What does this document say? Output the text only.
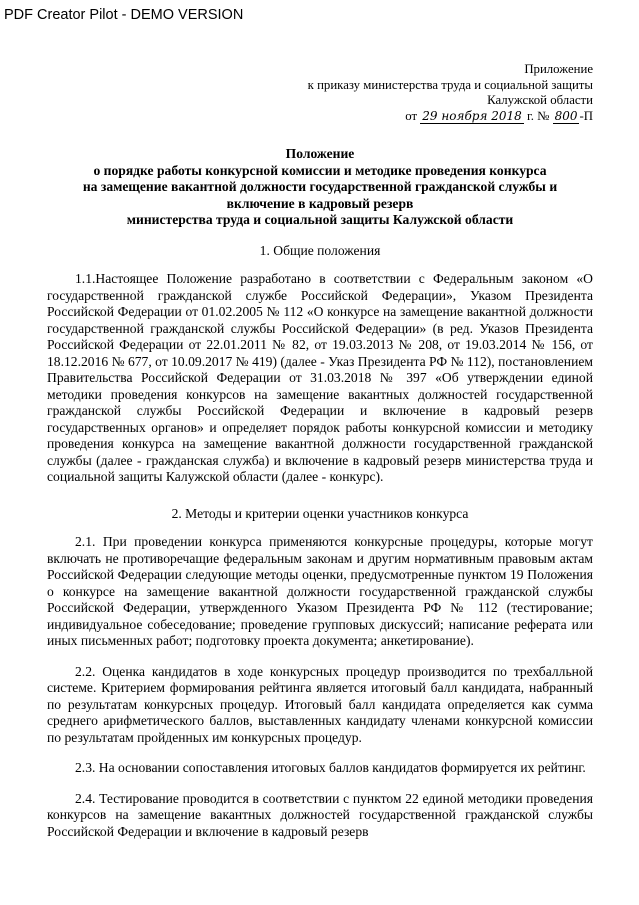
PDF Creator Pilot - DEMO VERSION
Приложение
к приказу министерства труда и социальной защиты
Калужской области
от 29 ноября 2018 г. № 800 -П
Положение
о порядке работы конкурсной комиссии и методике проведения конкурса
на замещение вакантной должности государственной гражданской службы и
включение в кадровый резерв
министерства труда и социальной защиты Калужской области
1. Общие положения

1.1.Настоящее Положение разработано в соответствии с Федеральным законом «О государственной гражданской службе Российской Федерации», Указом Президента Российской Федерации от 01.02.2005 № 112 «О конкурсе на замещение вакантной должности государственной гражданской службы Российской Федерации» (в ред. Указов Президента Российской Федерации от 22.01.2011 № 82, от 19.03.2013 № 208, от 19.03.2014 № 156, от 18.12.2016 № 677, от 10.09.2017 № 419) (далее - Указ Президента РФ № 112), постановлением Правительства Российской Федерации от 31.03.2018 № 397 «Об утверждении единой методики проведения конкурсов на замещение вакантных должностей государственной гражданской службы Российской Федерации и включение в кадровый резерв государственных органов» и определяет порядок работы конкурсной комиссии и методику проведения конкурса на замещение вакантной должности государственной гражданской службы (далее - гражданская служба) и включение в кадровый резерв министерства труда и социальной защиты Калужской области (далее - конкурс).

2. Методы и критерии оценки участников конкурса

2.1. При проведении конкурса применяются конкурсные процедуры, которые могут включать не противоречащие федеральным законам и другим нормативным правовым актам Российской Федерации следующие методы оценки, предусмотренные пунктом 19 Положения о конкурсе на замещение вакантной должности государственной гражданской службы Российской Федерации, утвержденного Указом Президента РФ № 112 (тестирование; индивидуальное собеседование; проведение групповых дискуссий; написание реферата или иных письменных работ; подготовку проекта документа; анкетирование).

2.2. Оценка кандидатов в ходе конкурсных процедур производится по трехбалльной системе. Критерием формирования рейтинга является итоговый балл кандидата, набранный по результатам конкурсных процедур. Итоговый балл кандидата определяется как сумма среднего арифметического баллов, выставленных кандидату членами конкурсной комиссии по результатам пройденных им конкурсных процедур.

2.3. На основании сопоставления итоговых баллов кандидатов формируется их рейтинг.

2.4. Тестирование проводится в соответствии с пунктом 22 единой методики проведения конкурсов на замещение вакантных должностей государственной гражданской службы Российской Федерации и включение в кадровый резерв
